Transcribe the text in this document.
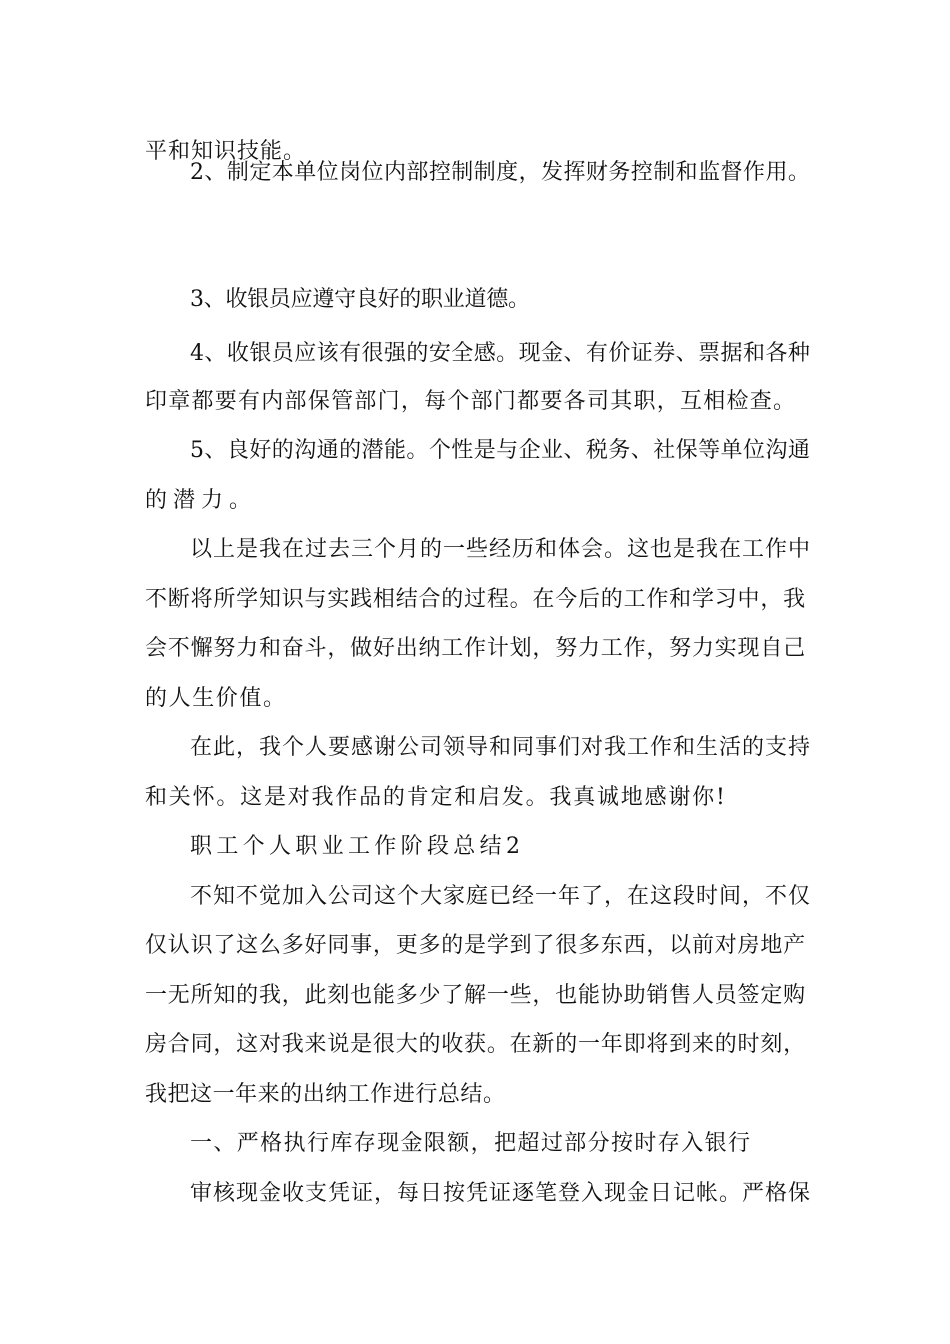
平和知识技能。
2、制定本单位岗位内部控制制度，发挥财务控制和监督作用。
3、收银员应遵守良好的职业道德。
4、收银员应该有很强的安全感。现金、有价证券、票据和各种
印章都要有内部保管部门，每个部门都要各司其职，互相检查。
5、良好的沟通的潜能。个性是与企业、税务、社保等单位沟通
的潜力。
以上是我在过去三个月的一些经历和体会。这也是我在工作中
不断将所学知识与实践相结合的过程。在今后的工作和学习中，我
会不懈努力和奋斗，做好出纳工作计划，努力工作，努力实现自己
的人生价值。
在此，我个人要感谢公司领导和同事们对我工作和生活的支持
和关怀。这是对我作品的肯定和启发。我真诚地感谢你!
职工个人职业工作阶段总结2
不知不觉加入公司这个大家庭已经一年了，在这段时间，不仅
仅认识了这么多好同事，更多的是学到了很多东西，以前对房地产
一无所知的我，此刻也能多少了解一些，也能协助销售人员签定购
房合同，这对我来说是很大的收获。在新的一年即将到来的时刻，
我把这一年来的出纳工作进行总结。
一、严格执行库存现金限额，把超过部分按时存入银行
审核现金收支凭证，每日按凭证逐笔登入现金日记帐。严格保
